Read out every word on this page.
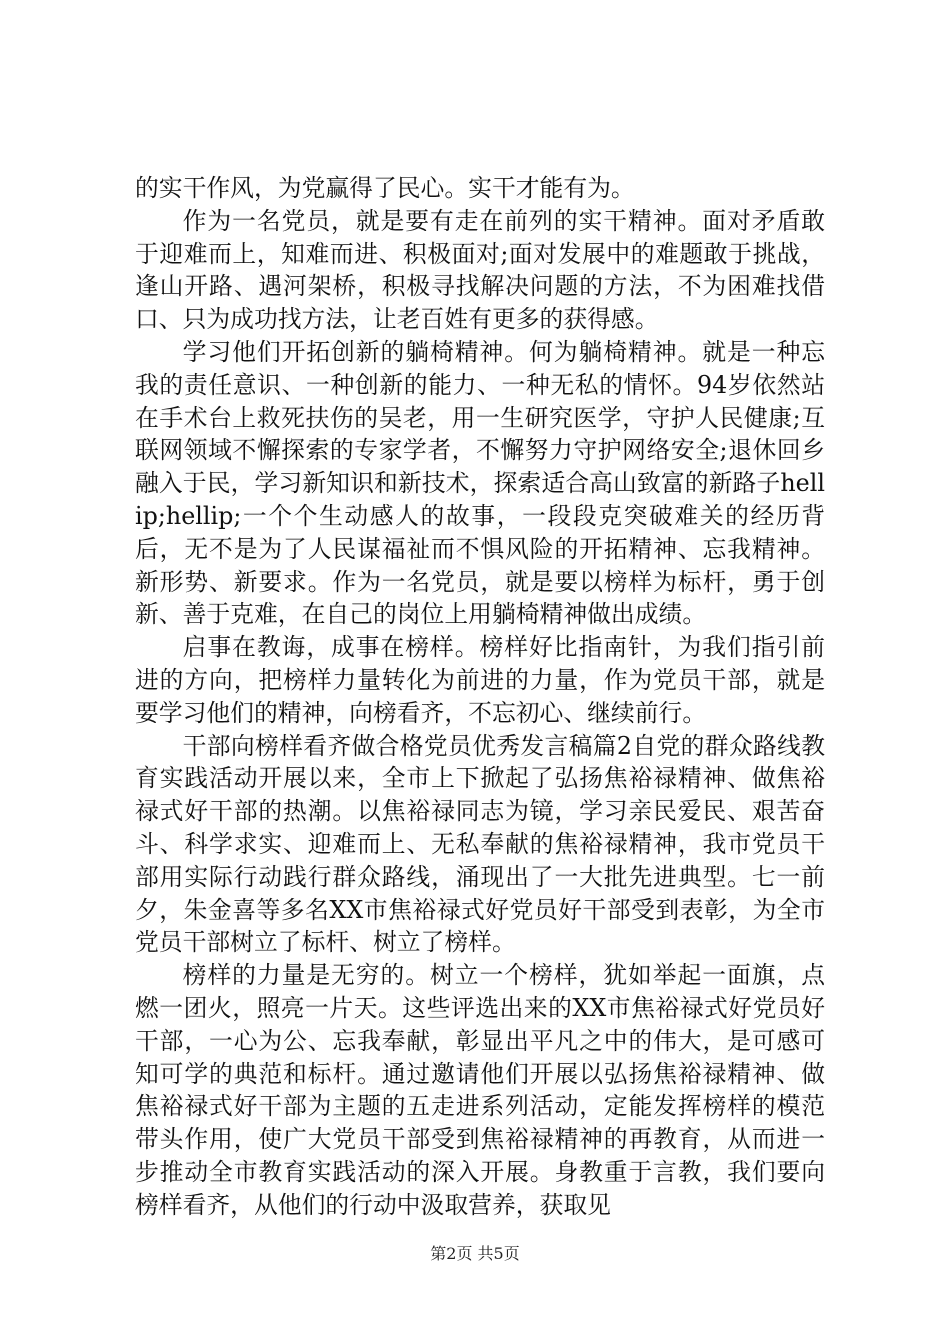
的实干作风，为党赢得了民心。实干才能有为。

作为一名党员，就是要有走在前列的实干精神。面对矛盾敢于迎难而上，知难而进、积极面对;面对发展中的难题敢于挑战，逢山开路、遇河架桥，积极寻找解决问题的方法，不为困难找借口、只为成功找方法，让老百姓有更多的获得感。

学习他们开拓创新的躺椅精神。何为躺椅精神。就是一种忘我的责任意识、一种创新的能力、一种无私的情怀。94岁依然站在手术台上救死扶伤的吴老，用一生研究医学，守护人民健康;互联网领域不懈探索的专家学者，不懈努力守护网络安全;退休回乡融入于民，学习新知识和新技术，探索适合高山致富的新路子hellip;hellip;一个个生动感人的故事，一段段克突破难关的经历背后，无不是为了人民谋福祉而不惧风险的开拓精神、忘我精神。新形势、新要求。作为一名党员，就是要以榜样为标杆，勇于创新、善于克难，在自己的岗位上用躺椅精神做出成绩。

启事在教诲，成事在榜样。榜样好比指南针，为我们指引前进的方向，把榜样力量转化为前进的力量，作为党员干部，就是要学习他们的精神，向榜看齐，不忘初心、继续前行。

干部向榜样看齐做合格党员优秀发言稿篇2自党的群众路线教育实践活动开展以来，全市上下掀起了弘扬焦裕禄精神、做焦裕禄式好干部的热潮。以焦裕禄同志为镜，学习亲民爱民、艰苦奋斗、科学求实、迎难而上、无私奉献的焦裕禄精神，我市党员干部用实际行动践行群众路线，涌现出了一大批先进典型。七一前夕，朱金喜等多名XX市焦裕禄式好党员好干部受到表彰，为全市党员干部树立了标杆、树立了榜样。

榜样的力量是无穷的。树立一个榜样，犹如举起一面旗，点燃一团火，照亮一片天。这些评选出来的XX市焦裕禄式好党员好干部，一心为公、忘我奉献，彰显出平凡之中的伟大，是可感可知可学的典范和标杆。通过邀请他们开展以弘扬焦裕禄精神、做焦裕禄式好干部为主题的五走进系列活动，定能发挥榜样的模范带头作用，使广大党员干部受到焦裕禄精神的再教育，从而进一步推动全市教育实践活动的深入开展。身教重于言教，我们要向榜样看齐，从他们的行动中汲取营养，获取见

第2页 共5页
